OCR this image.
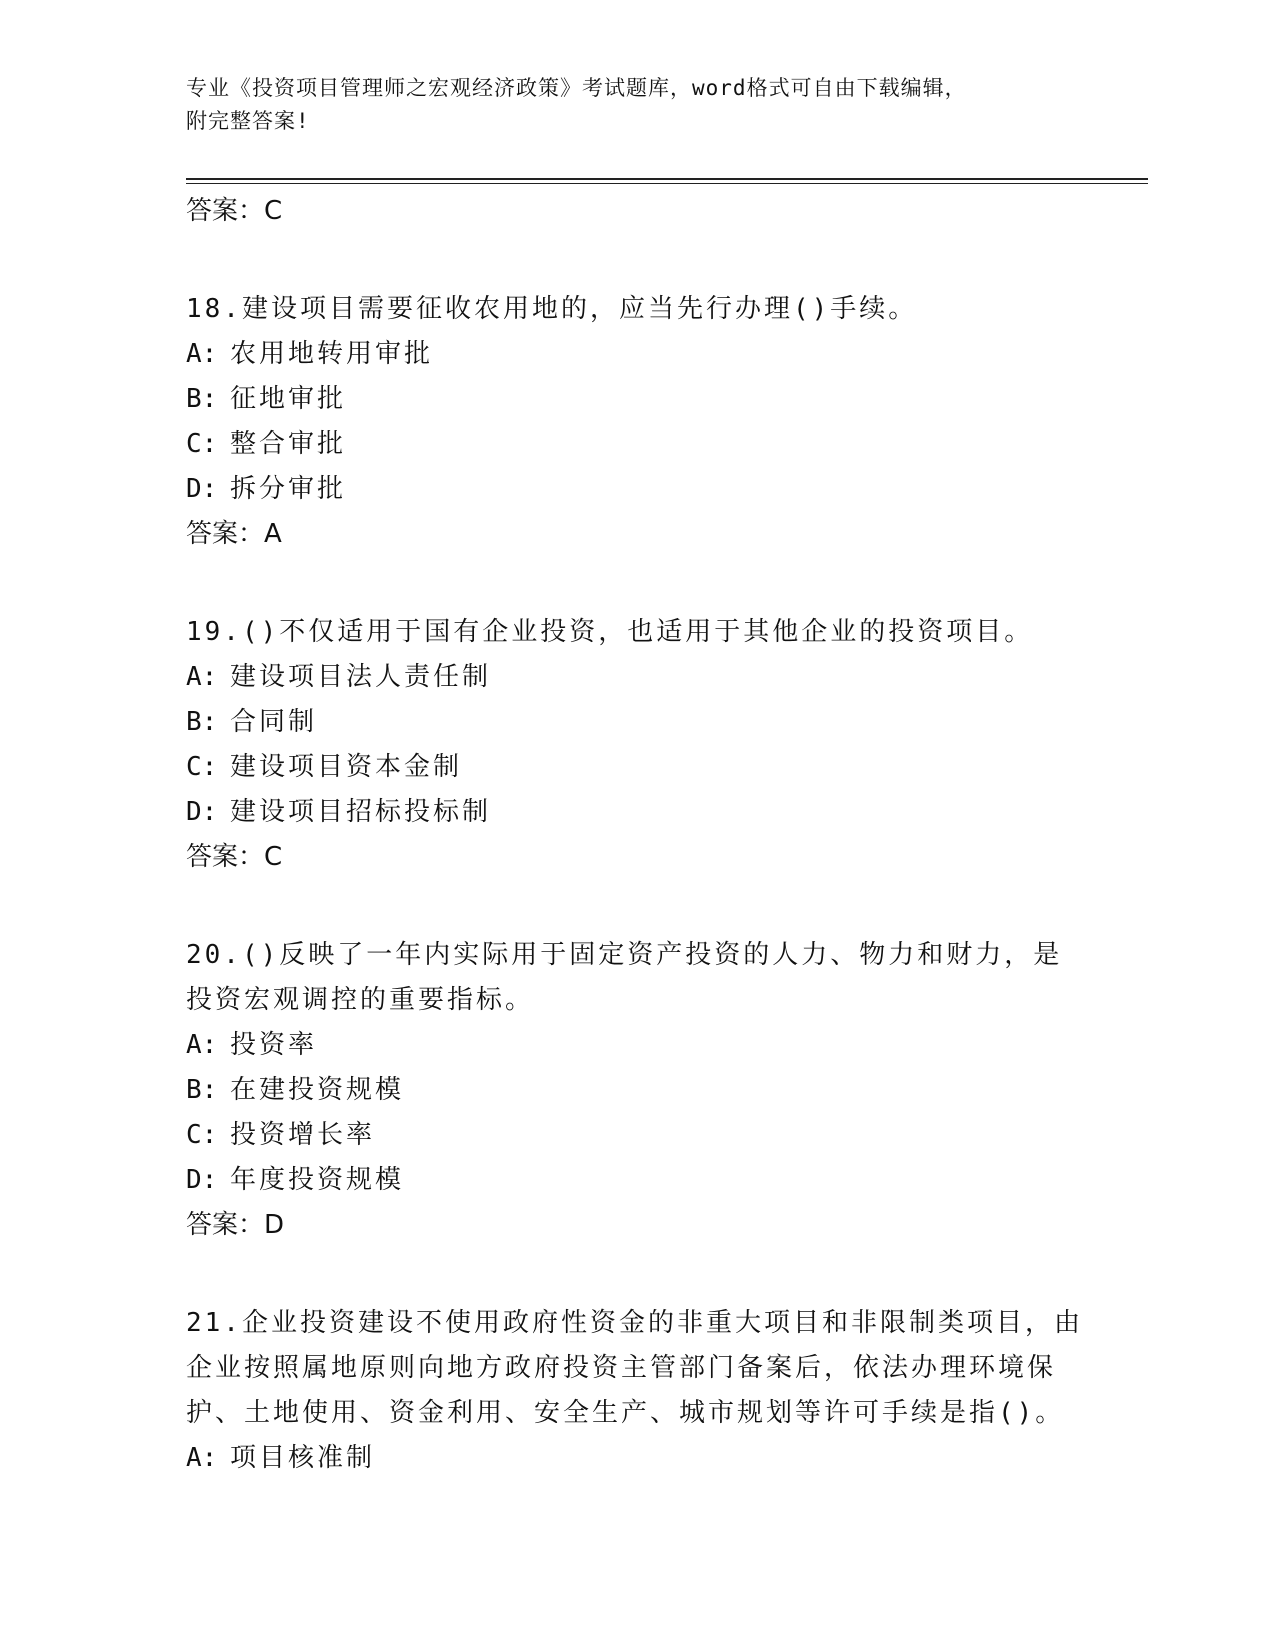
专业《投资项目管理师之宏观经济政策》考试题库，word格式可自由下载编辑，
附完整答案!
答案：C
18.建设项目需要征收农用地的，应当先行办理()手续。
A: 农用地转用审批
B: 征地审批
C: 整合审批
D: 拆分审批
答案：A
19.()不仅适用于国有企业投资，也适用于其他企业的投资项目。
A: 建设项目法人责任制
B: 合同制
C: 建设项目资本金制
D: 建设项目招标投标制
答案：C
20.()反映了一年内实际用于固定资产投资的人力、物力和财力，是投资宏观调控的重要指标。
A: 投资率
B: 在建投资规模
C: 投资增长率
D: 年度投资规模
答案：D
21.企业投资建设不使用政府性资金的非重大项目和非限制类项目，由企业按照属地原则向地方政府投资主管部门备案后，依法办理环境保护、土地使用、资金利用、安全生产、城市规划等许可手续是指()。
A: 项目核准制
